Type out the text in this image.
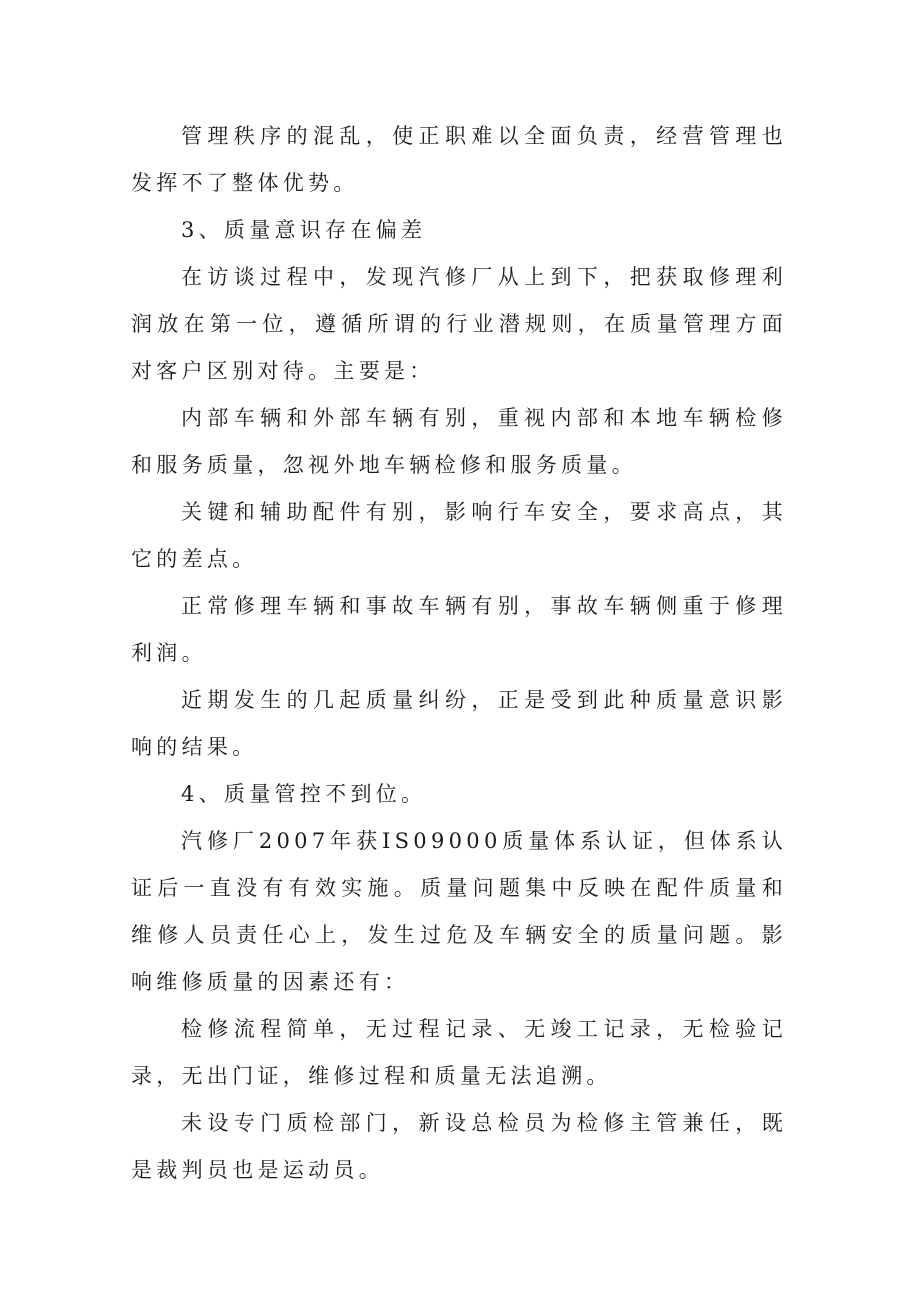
管理秩序的混乱，使正职难以全面负责，经营管理也发挥不了整体优势。

3、质量意识存在偏差

在访谈过程中，发现汽修厂从上到下，把获取修理利润放在第一位，遵循所谓的行业潜规则，在质量管理方面对客户区别对待。主要是：

内部车辆和外部车辆有别，重视内部和本地车辆检修和服务质量，忽视外地车辆检修和服务质量。

关键和辅助配件有别，影响行车安全，要求高点，其它的差点。

正常修理车辆和事故车辆有别，事故车辆侧重于修理利润。

近期发生的几起质量纠纷，正是受到此种质量意识影响的结果。

4、质量管控不到位。

汽修厂2007年获IS09000质量体系认证，但体系认证后一直没有有效实施。质量问题集中反映在配件质量和维修人员责任心上，发生过危及车辆安全的质量问题。影响维修质量的因素还有：

检修流程简单，无过程记录、无竣工记录，无检验记录，无出门证，维修过程和质量无法追溯。

未设专门质检部门，新设总检员为检修主管兼任，既是裁判员也是运动员。
